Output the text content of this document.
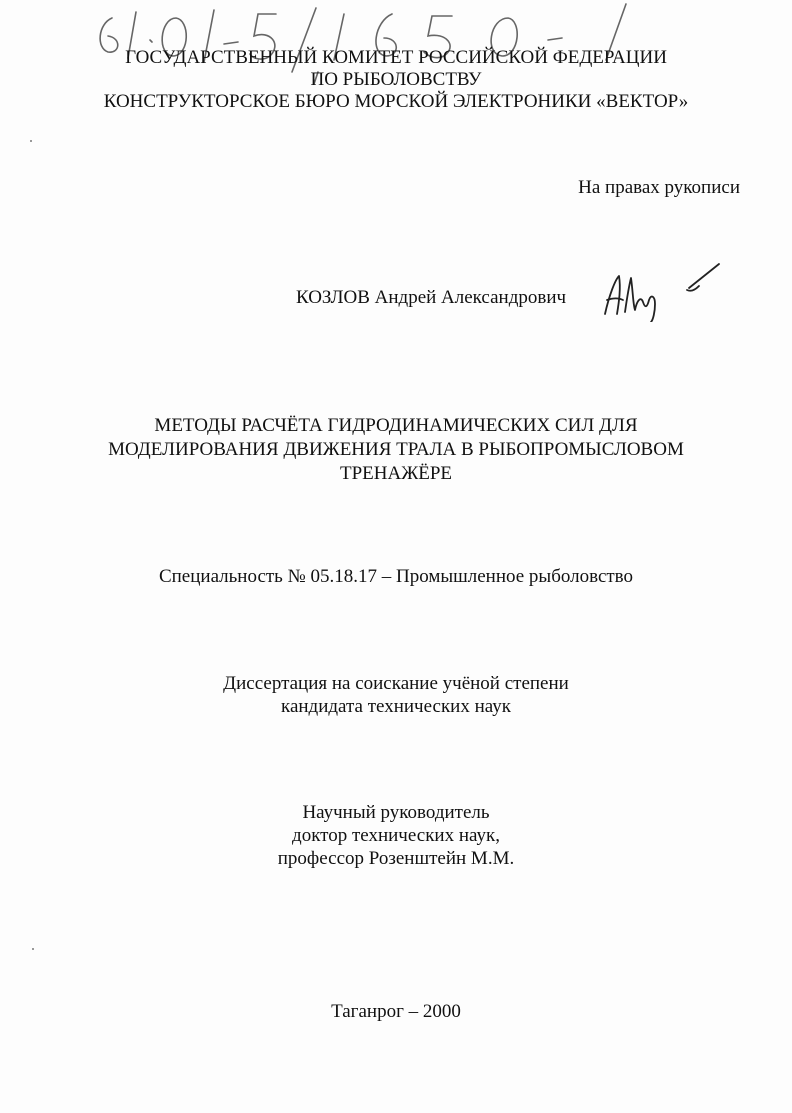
ГОСУДАРСТВЕННЫЙ КОМИТЕТ РОССИЙСКОЙ ФЕДЕРАЦИИ
ПО РЫБОЛОВСТВУ
КОНСТРУКТОРСКОЕ БЮРО МОРСКОЙ ЭЛЕКТРОНИКИ «ВЕКТОР»
На правах рукописи
КОЗЛОВ Андрей Александрович
МЕТОДЫ РАСЧЁТА ГИДРОДИНАМИЧЕСКИХ СИЛ ДЛЯ
МОДЕЛИРОВАНИЯ ДВИЖЕНИЯ ТРАЛА В РЫБОПРОМЫСЛОВОМ
ТРЕНАЖЁРЕ
Специальность № 05.18.17 – Промышленное рыболовство
Диссертация на соискание учёной степени
кандидата технических наук
Научный руководитель
доктор технических наук,
профессор Розенштейн М.М.
Таганрог – 2000
